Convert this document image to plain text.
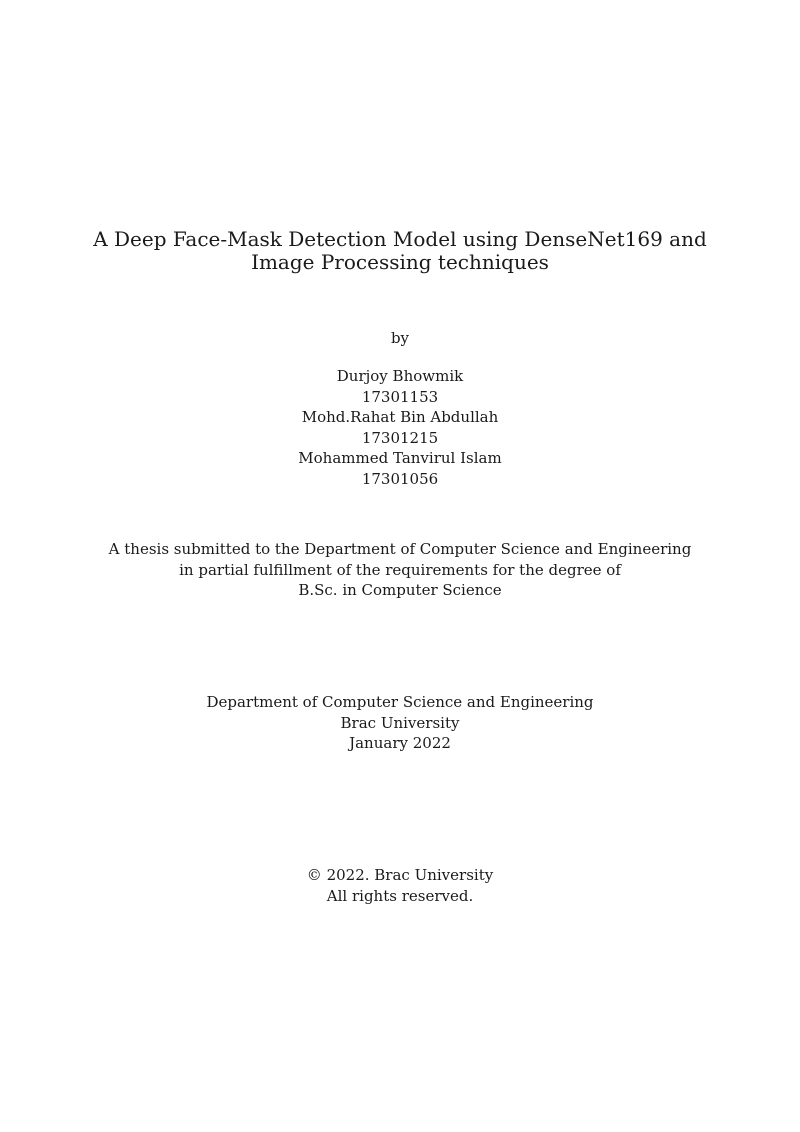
A Deep Face-Mask Detection Model using DenseNet169 and
Image Processing techniques
by
Durjoy Bhowmik
17301153
Mohd.Rahat Bin Abdullah
17301215
Mohammed Tanvirul Islam
17301056
A thesis submitted to the Department of Computer Science and Engineering
in partial fulfillment of the requirements for the degree of
B.Sc. in Computer Science
Department of Computer Science and Engineering
Brac University
January 2022
© 2022. Brac University
All rights reserved.
